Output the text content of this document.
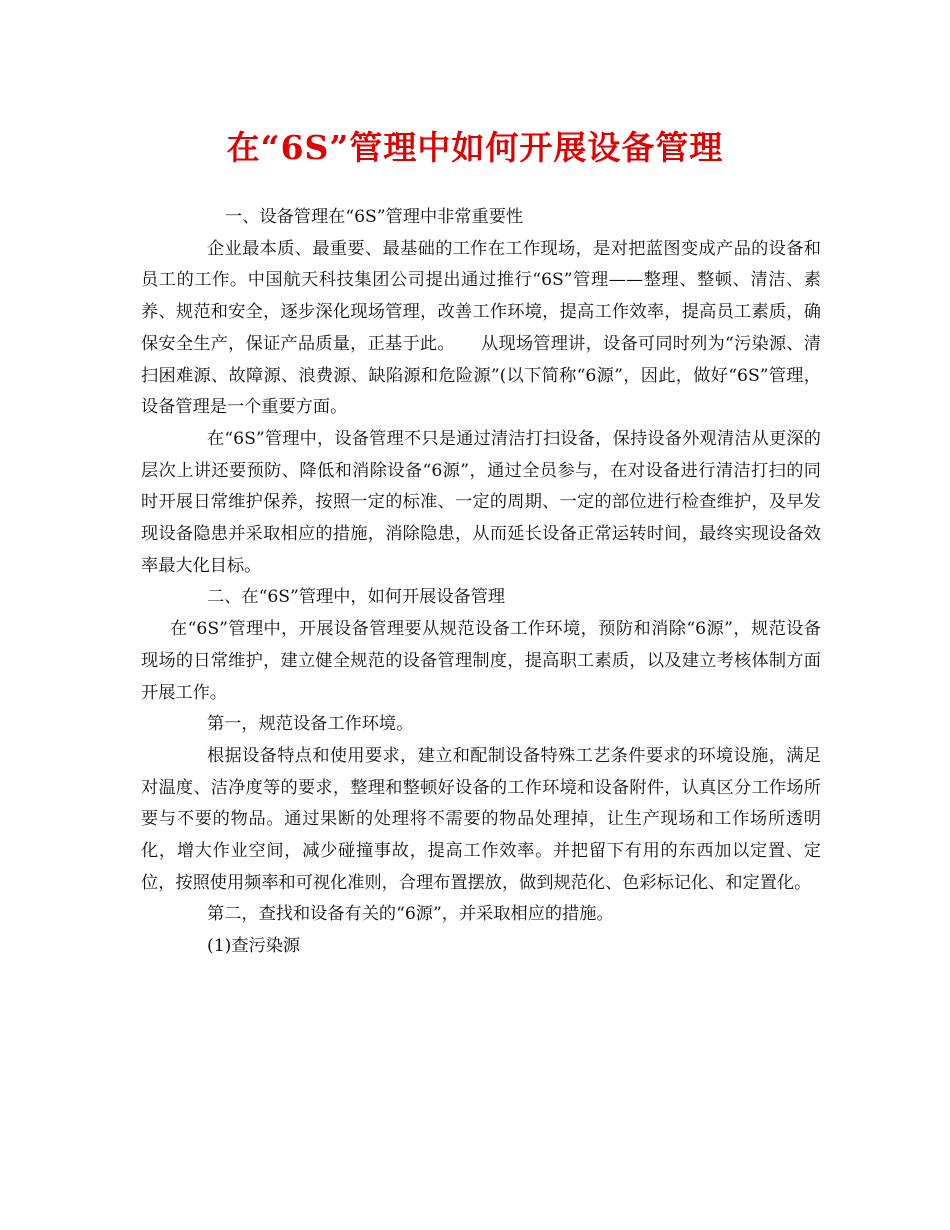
在“6S”管理中如何开展设备管理

一、设备管理在“6S”管理中非常重要性

企业最本质、最重要、最基础的工作在工作现场，是对把蓝图变成产品的设备和员工的工作。中国航天科技集团公司提出通过推行“6S”管理——整理、整顿、清洁、素养、规范和安全，逐步深化现场管理，改善工作环境，提高工作效率，提高员工素质，确保安全生产，保证产品质量，正基于此。　　从现场管理讲，设备可同时列为“污染源、清扫困难源、故障源、浪费源、缺陷源和危险源”(以下简称“6源”，因此，做好“6S”管理，设备管理是一个重要方面。

在“6S”管理中，设备管理不只是通过清洁打扫设备，保持设备外观清洁从更深的层次上讲还要预防、降低和消除设备“6源”，通过全员参与，在对设备进行清洁打扫的同时开展日常维护保养，按照一定的标准、一定的周期、一定的部位进行检查维护，及早发现设备隐患并采取相应的措施，消除隐患，从而延长设备正常运转时间，最终实现设备效率最大化目标。

二、在“6S”管理中，如何开展设备管理

在“6S”管理中，开展设备管理要从规范设备工作环境，预防和消除“6源”，规范设备现场的日常维护，建立健全规范的设备管理制度，提高职工素质，以及建立考核体制方面开展工作。

第一，规范设备工作环境。

根据设备特点和使用要求，建立和配制设备特殊工艺条件要求的环境设施，满足对温度、洁净度等的要求，整理和整顿好设备的工作环境和设备附件，认真区分工作场所要与不要的物品。通过果断的处理将不需要的物品处理掉，让生产现场和工作场所透明化，增大作业空间，减少碰撞事故，提高工作效率。并把留下有用的东西加以定置、定位，按照使用频率和可视化准则，合理布置摆放，做到规范化、色彩标记化、和定置化。

第二，查找和设备有关的“6源”，并采取相应的措施。

(1)查污染源
